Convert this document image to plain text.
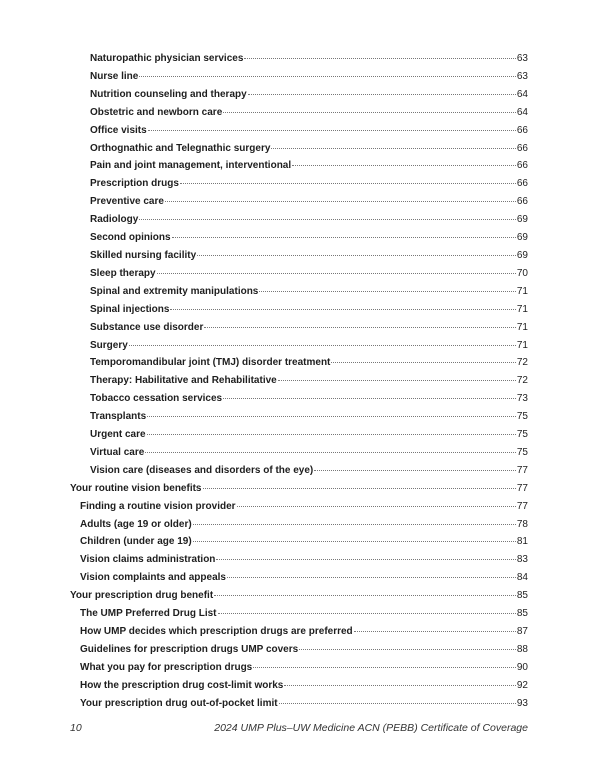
Naturopathic physician services	63
Nurse line	63
Nutrition counseling and therapy	64
Obstetric and newborn care	64
Office visits	66
Orthognathic and Telegnathic surgery	66
Pain and joint management, interventional	66
Prescription drugs	66
Preventive care	66
Radiology	69
Second opinions	69
Skilled nursing facility	69
Sleep therapy	70
Spinal and extremity manipulations	71
Spinal injections	71
Substance use disorder	71
Surgery	71
Temporomandibular joint (TMJ) disorder treatment	72
Therapy: Habilitative and Rehabilitative	72
Tobacco cessation services	73
Transplants	75
Urgent care	75
Virtual care	75
Vision care (diseases and disorders of the eye)	77
Your routine vision benefits	77
Finding a routine vision provider	77
Adults (age 19 or older)	78
Children (under age 19)	81
Vision claims administration	83
Vision complaints and appeals	84
Your prescription drug benefit	85
The UMP Preferred Drug List	85
How UMP decides which prescription drugs are preferred	87
Guidelines for prescription drugs UMP covers	88
What you pay for prescription drugs	90
How the prescription drug cost-limit works	92
Your prescription drug out-of-pocket limit	93
10	2024 UMP Plus–UW Medicine ACN (PEBB) Certificate of Coverage
